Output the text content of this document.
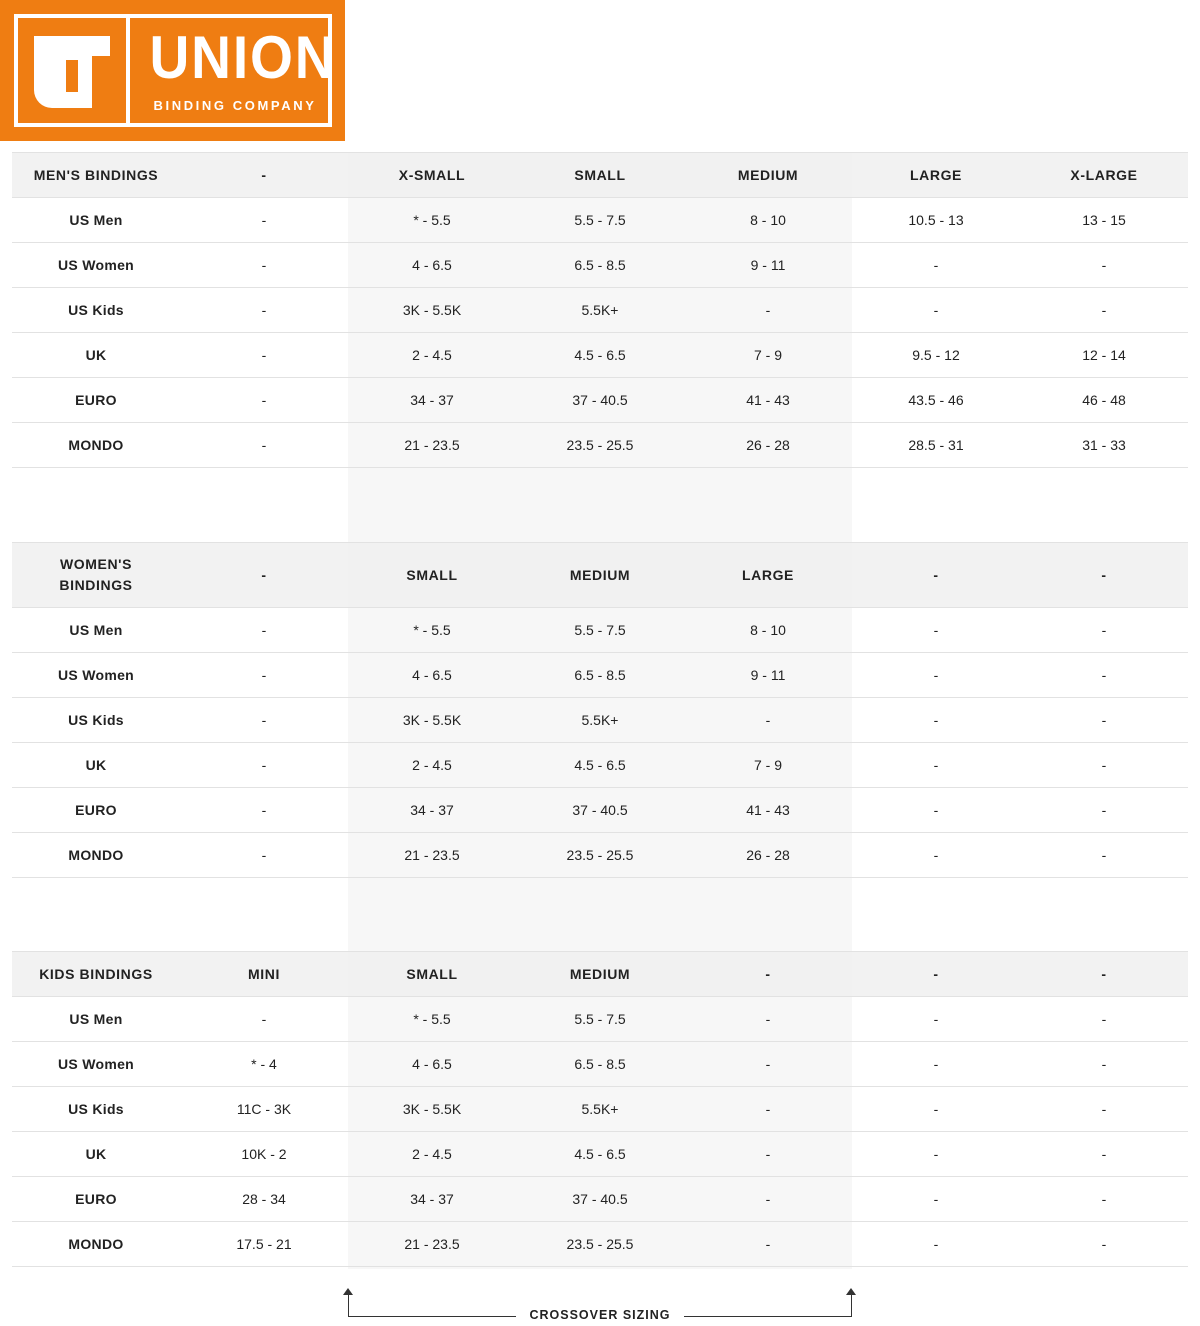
UNION
BINDING COMPANY
MEN'S BINDINGS	-	X-SMALL	SMALL	MEDIUM	LARGE	X-LARGE
US Men	-	* - 5.5	5.5 - 7.5	8 - 10	10.5 - 13	13 - 15
US Women	-	4 - 6.5	6.5 - 8.5	9 - 11	-	-
US Kids	-	3K - 5.5K	5.5K+	-	-	-
UK	-	2 - 4.5	4.5 - 6.5	7 - 9	9.5 - 12	12 - 14
EURO	-	34 - 37	37 - 40.5	41 - 43	43.5 - 46	46 - 48
MONDO	-	21 - 23.5	23.5 - 25.5	26 - 28	28.5 - 31	31 - 33
WOMEN'S BINDINGS	-	SMALL	MEDIUM	LARGE	-	-
US Men	-	* - 5.5	5.5 - 7.5	8 - 10	-	-
US Women	-	4 - 6.5	6.5 - 8.5	9 - 11	-	-
US Kids	-	3K - 5.5K	5.5K+	-	-	-
UK	-	2 - 4.5	4.5 - 6.5	7 - 9	-	-
EURO	-	34 - 37	37 - 40.5	41 - 43	-	-
MONDO	-	21 - 23.5	23.5 - 25.5	26 - 28	-	-
KIDS BINDINGS	MINI	SMALL	MEDIUM	-	-	-
US Men	-	* - 5.5	5.5 - 7.5	-	-	-
US Women	* - 4	4 - 6.5	6.5 - 8.5	-	-	-
US Kids	11C - 3K	3K - 5.5K	5.5K+	-	-	-
UK	10K - 2	2 - 4.5	4.5 - 6.5	-	-	-
EURO	28 - 34	34 - 37	37 - 40.5	-	-	-
MONDO	17.5 - 21	21 - 23.5	23.5 - 25.5	-	-	-
CROSSOVER SIZING
